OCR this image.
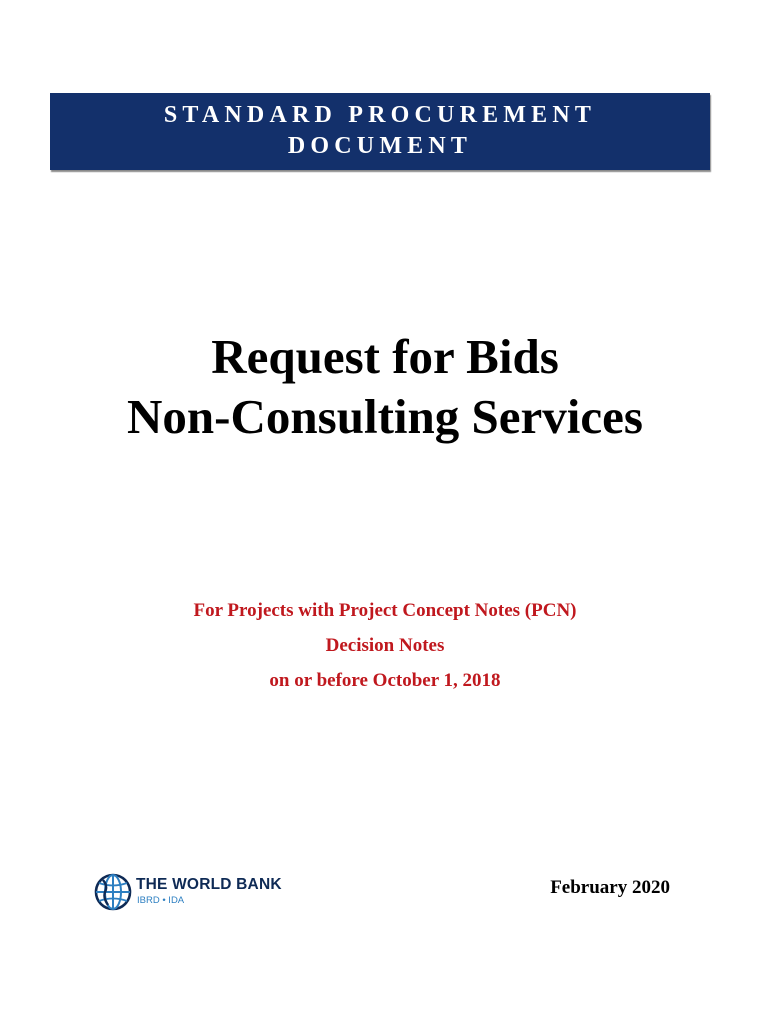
STANDARD PROCUREMENT
DOCUMENT
Request for Bids
Non-Consulting Services
For Projects with Project Concept Notes (PCN)
Decision Notes
on or before October 1, 2018
THE WORLD BANK
IBRD • IDA
February 2020
